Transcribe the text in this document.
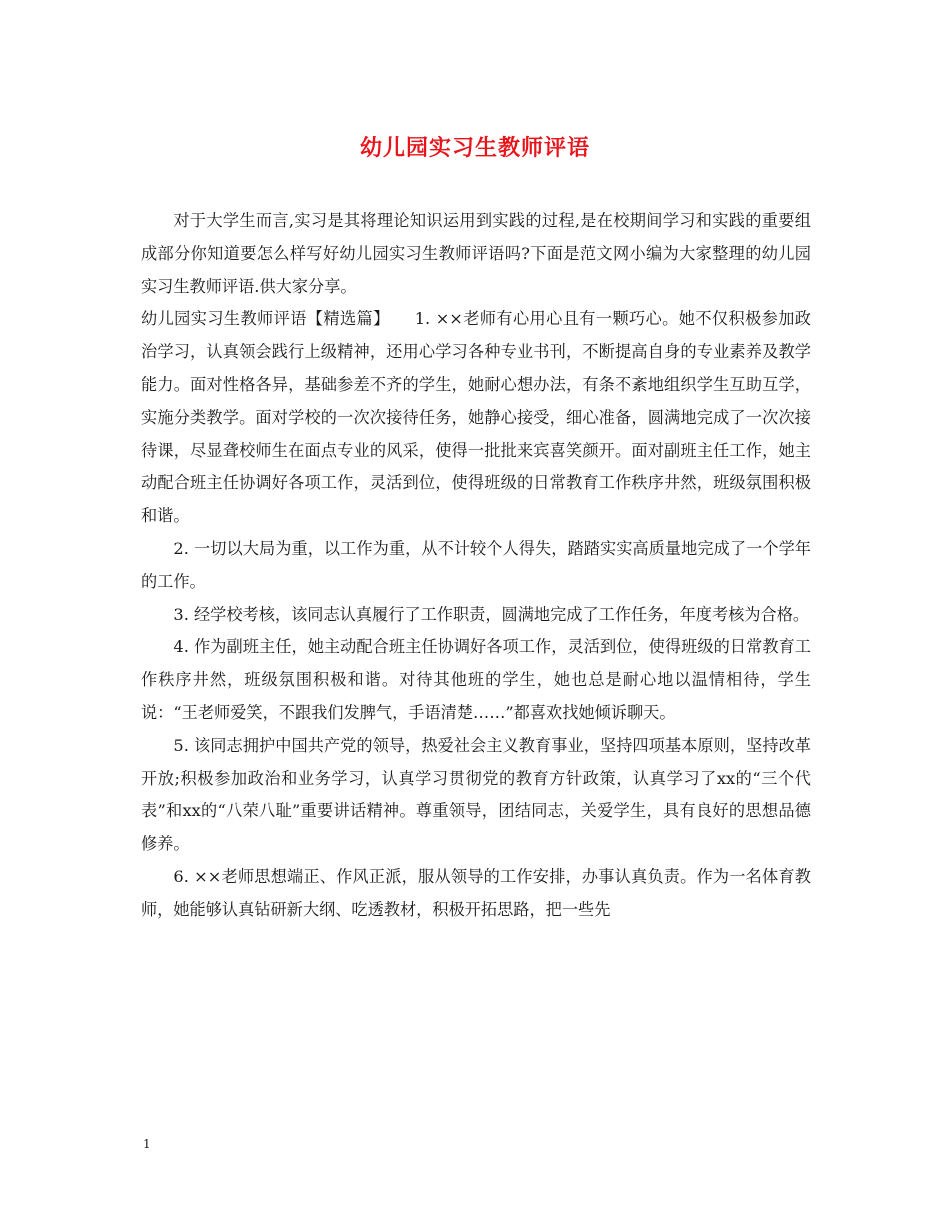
幼儿园实习生教师评语

对于大学生而言,实习是其将理论知识运用到实践的过程,是在校期间学习和实践的重要组成部分你知道要怎么样写好幼儿园实习生教师评语吗?下面是范文网小编为大家整理的幼儿园实习生教师评语.供大家分享。

幼儿园实习生教师评语【精选篇】　　1. ××老师有心用心且有一颗巧心。她不仅积极参加政治学习，认真领会践行上级精神，还用心学习各种专业书刊，不断提高自身的专业素养及教学能力。面对性格各异，基础参差不齐的学生，她耐心想办法，有条不紊地组织学生互助互学，实施分类教学。面对学校的一次次接待任务，她静心接受，细心准备，圆满地完成了一次次接待课，尽显聋校师生在面点专业的风采，使得一批批来宾喜笑颜开。面对副班主任工作，她主动配合班主任协调好各项工作，灵活到位，使得班级的日常教育工作秩序井然，班级氛围积极和谐。

2. 一切以大局为重，以工作为重，从不计较个人得失，踏踏实实高质量地完成了一个学年的工作。

3. 经学校考核，该同志认真履行了工作职责，圆满地完成了工作任务，年度考核为合格。

4. 作为副班主任，她主动配合班主任协调好各项工作，灵活到位，使得班级的日常教育工作秩序井然，班级氛围积极和谐。对待其他班的学生，她也总是耐心地以温情相待，学生说：“王老师爱笑，不跟我们发脾气，手语清楚……”都喜欢找她倾诉聊天。

5. 该同志拥护中国共产党的领导，热爱社会主义教育事业，坚持四项基本原则，坚持改革开放;积极参加政治和业务学习，认真学习贯彻党的教育方针政策，认真学习了xx的“三个代表”和xx的“八荣八耻”重要讲话精神。尊重领导，团结同志，关爱学生，具有良好的思想品德修养。

6. ××老师思想端正、作风正派，服从领导的工作安排，办事认真负责。作为一名体育教师，她能够认真钻研新大纲、吃透教材，积极开拓思路，把一些先

1
